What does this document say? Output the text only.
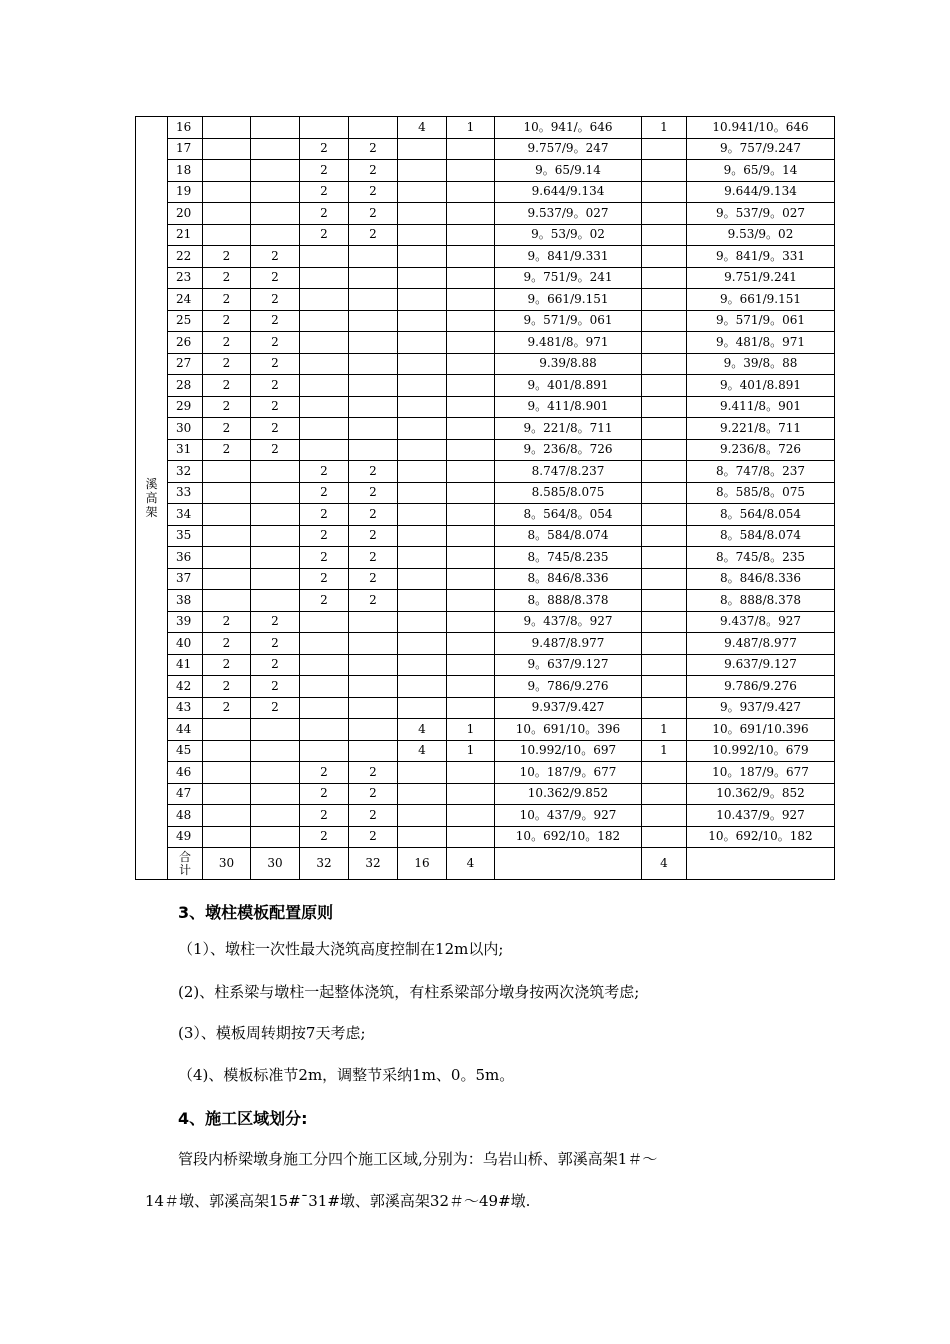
溪高架	16					4	1	10。941/。646	1	10.941/10。646
	17			2	2			9.757/9。247		9。757/9.247
	18			2	2			9。65/9.14		9。65/9。14
	19			2	2			9.644/9.134		9.644/9.134
	20			2	2			9.537/9。027		9。537/9。027
	21			2	2			9。53/9。02		9.53/9。02
	22	2	2					9。841/9.331		9。841/9。331
	23	2	2					9。751/9。241		9.751/9.241
	24	2	2					9。661/9.151		9。661/9.151
	25	2	2					9。571/9。061		9。571/9。061
	26	2	2					9.481/8。971		9。481/8。971
	27	2	2					9.39/8.88		9。39/8。88
	28	2	2					9。401/8.891		9。401/8.891
	29	2	2					9。411/8.901		9.411/8。901
	30	2	2					9。221/8。711		9.221/8。711
	31	2	2					9。236/8。726		9.236/8。726
	32			2	2			8.747/8.237		8。747/8。237
	33			2	2			8.585/8.075		8。585/8。075
	34			2	2			8。564/8。054		8。564/8.054
	35			2	2			8。584/8.074		8。584/8.074
	36			2	2			8。745/8.235		8。745/8。235
	37			2	2			8。846/8.336		8。846/8.336
	38			2	2			8。888/8.378		8。888/8.378
	39	2	2					9。437/8。927		9.437/8。927
	40	2	2					9.487/8.977		9.487/8.977
	41	2	2					9。637/9.127		9.637/9.127
	42	2	2					9。786/9.276		9.786/9.276
	43	2	2					9.937/9.427		9。937/9.427
	44					4	1	10。691/10。396	1	10。691/10.396
	45					4	1	10.992/10。697	1	10.992/10。679
	46			2	2			10。187/9。677		10。187/9。677
	47			2	2			10.362/9.852		10.362/9。852
	48			2	2			10。437/9。927		10.437/9。927
	49			2	2			10。692/10。182		10。692/10。182

	合计	30	30	32	32	16	4		4	
3、墩柱模板配置原则
（1）、墩柱一次性最大浇筑高度控制在12m以内;
(2)、柱系梁与墩柱一起整体浇筑，有柱系梁部分墩身按两次浇筑考虑;
(3）、模板周转期按7天考虑;
（4)、模板标准节2m，调整节采纳1m、0。5m。
4、施工区域划分:
管段内桥梁墩身施工分四个施工区域,分别为：乌岩山桥、郭溪高架1＃～
14＃墩、郭溪高架15#¯31#墩、郭溪高架32＃～49#墩.
